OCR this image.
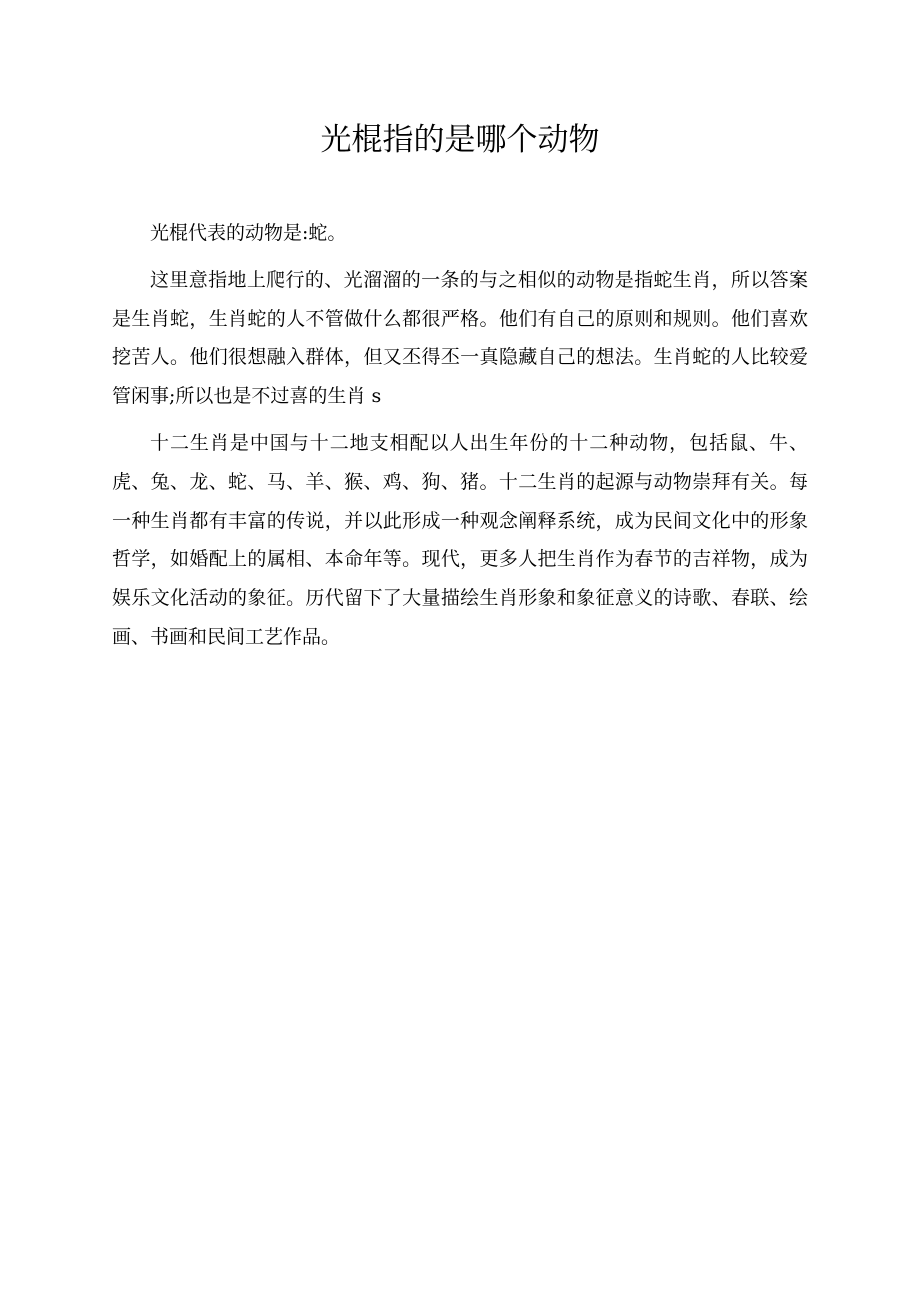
光棍指的是哪个动物

光棍代表的动物是:蛇。

这里意指地上爬行的、光溜溜的一条的与之相似的动物是指蛇生肖，所以答案是生肖蛇，生肖蛇的人不管做什么都很严格。他们有自己的原则和规则。他们喜欢挖苦人。他们很想融入群体，但又丕得丕一真隐藏自己的想法。生肖蛇的人比较爱管闲事;所以也是不过喜的生肖 s

十二生肖是中国与十二地支相配以人出生年份的十二种动物，包括鼠、牛、虎、兔、龙、蛇、马、羊、猴、鸡、狗、猪。十二生肖的起源与动物崇拜有关。每一种生肖都有丰富的传说，并以此形成一种观念阐释系统，成为民间文化中的形象哲学，如婚配上的属相、本命年等。现代，更多人把生肖作为春节的吉祥物，成为娱乐文化活动的象征。历代留下了大量描绘生肖形象和象征意义的诗歌、春联、绘画、书画和民间工艺作品。
